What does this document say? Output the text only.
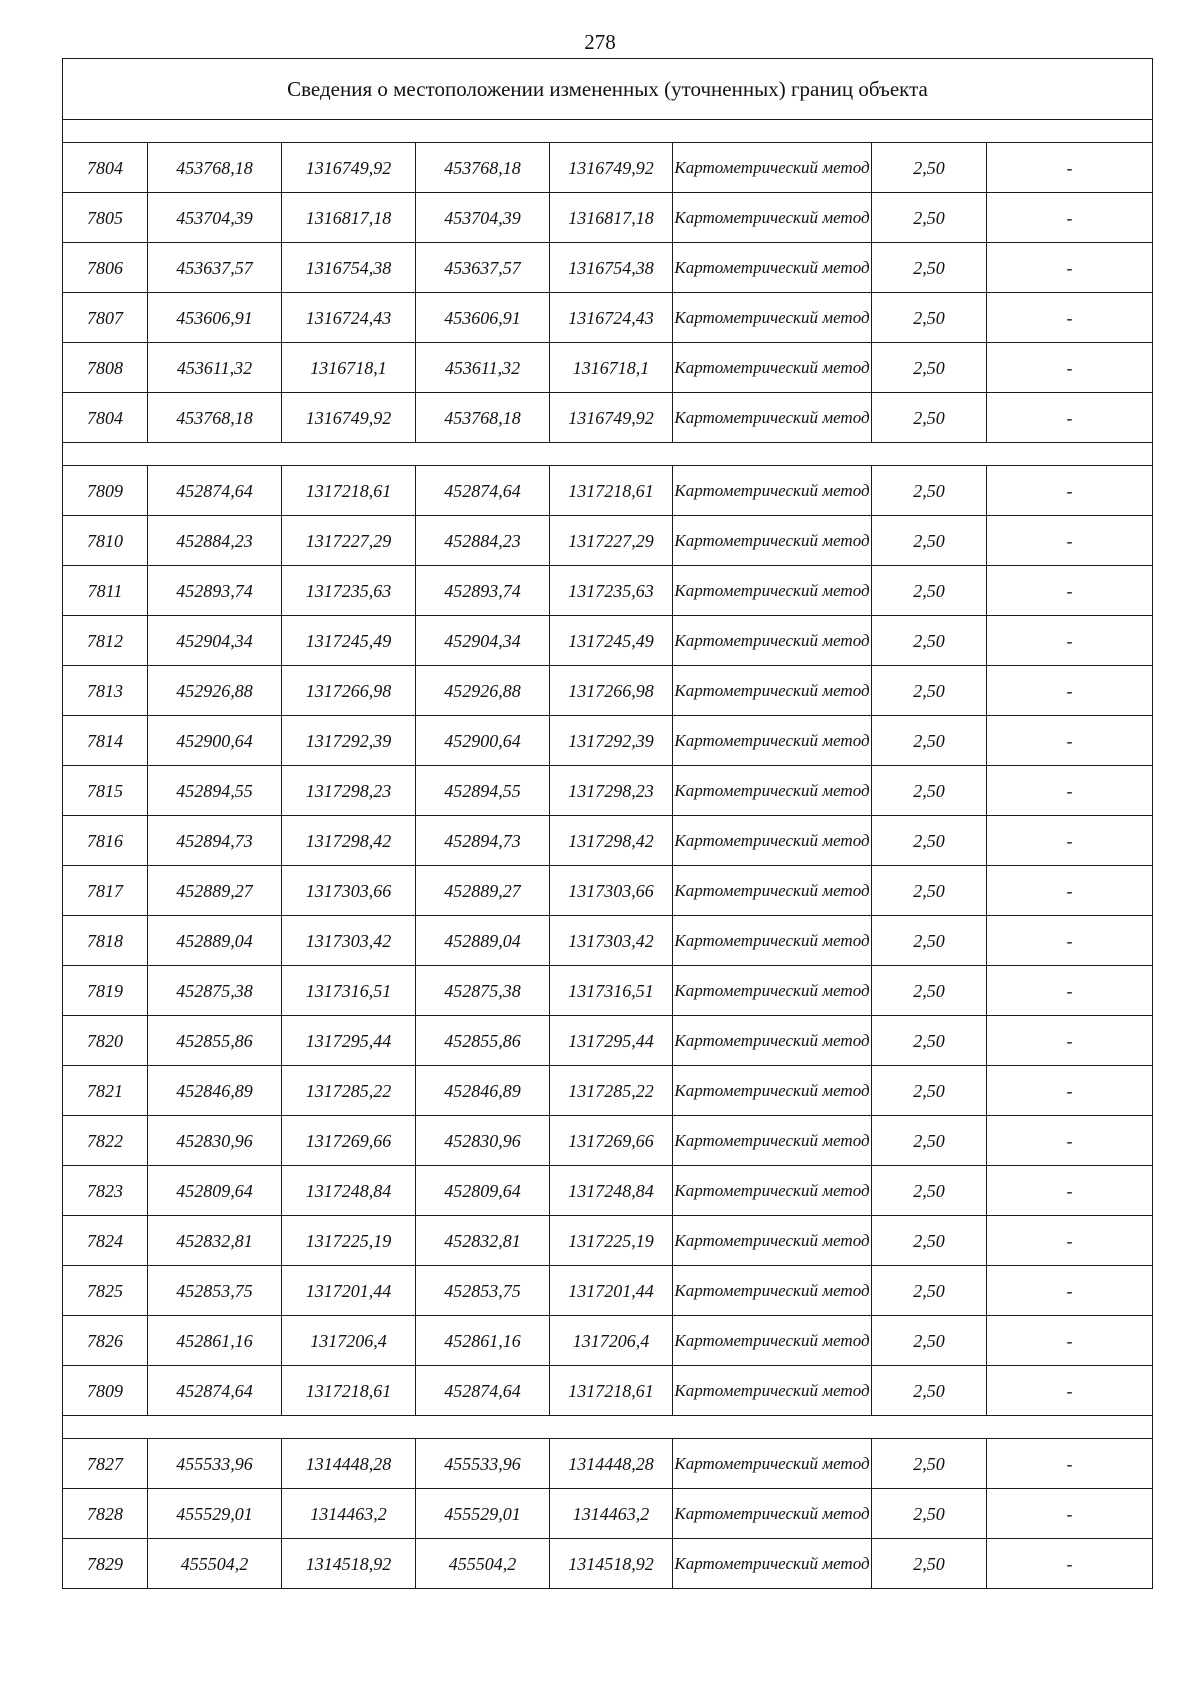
278
Сведения о местоположении измененных (уточненных) границ объекта							

7804	453768,18	1316749,92	453768,18	1316749,92	Картометрический метод	2,50	-
7805	453704,39	1316817,18	453704,39	1316817,18	Картометрический метод	2,50	-
7806	453637,57	1316754,38	453637,57	1316754,38	Картометрический метод	2,50	-
7807	453606,91	1316724,43	453606,91	1316724,43	Картометрический метод	2,50	-
7808	453611,32	1316718,1	453611,32	1316718,1	Картометрический метод	2,50	-
7804	453768,18	1316749,92	453768,18	1316749,92	Картометрический метод	2,50	-

7809	452874,64	1317218,61	452874,64	1317218,61	Картометрический метод	2,50	-
7810	452884,23	1317227,29	452884,23	1317227,29	Картометрический метод	2,50	-
7811	452893,74	1317235,63	452893,74	1317235,63	Картометрический метод	2,50	-
7812	452904,34	1317245,49	452904,34	1317245,49	Картометрический метод	2,50	-
7813	452926,88	1317266,98	452926,88	1317266,98	Картометрический метод	2,50	-
7814	452900,64	1317292,39	452900,64	1317292,39	Картометрический метод	2,50	-
7815	452894,55	1317298,23	452894,55	1317298,23	Картометрический метод	2,50	-
7816	452894,73	1317298,42	452894,73	1317298,42	Картометрический метод	2,50	-
7817	452889,27	1317303,66	452889,27	1317303,66	Картометрический метод	2,50	-
7818	452889,04	1317303,42	452889,04	1317303,42	Картометрический метод	2,50	-
7819	452875,38	1317316,51	452875,38	1317316,51	Картометрический метод	2,50	-
7820	452855,86	1317295,44	452855,86	1317295,44	Картометрический метод	2,50	-
7821	452846,89	1317285,22	452846,89	1317285,22	Картометрический метод	2,50	-
7822	452830,96	1317269,66	452830,96	1317269,66	Картометрический метод	2,50	-
7823	452809,64	1317248,84	452809,64	1317248,84	Картометрический метод	2,50	-
7824	452832,81	1317225,19	452832,81	1317225,19	Картометрический метод	2,50	-
7825	452853,75	1317201,44	452853,75	1317201,44	Картометрический метод	2,50	-
7826	452861,16	1317206,4	452861,16	1317206,4	Картометрический метод	2,50	-
7809	452874,64	1317218,61	452874,64	1317218,61	Картометрический метод	2,50	-

7827	455533,96	1314448,28	455533,96	1314448,28	Картометрический метод	2,50	-
7828	455529,01	1314463,2	455529,01	1314463,2	Картометрический метод	2,50	-
7829	455504,2	1314518,92	455504,2	1314518,92	Картометрический метод	2,50	-
